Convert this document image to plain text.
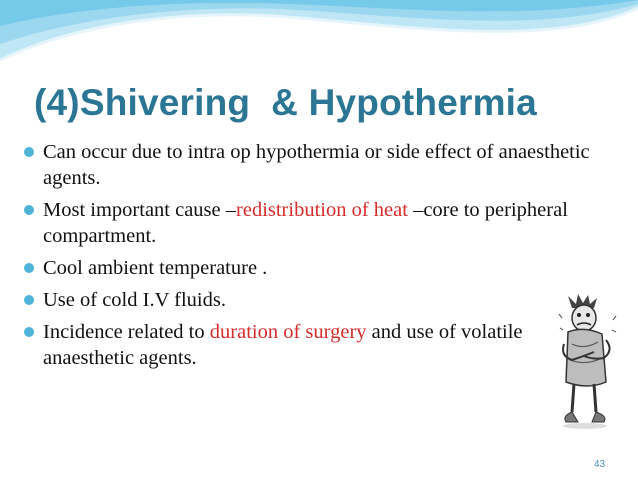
(4)Shivering  & Hypothermia
Can occur due to intra op hypothermia or side effect of anaesthetic agents.
Most important cause –redistribution of heat –core to peripheral compartment.
Cool ambient temperature .
Use of cold I.V fluids.
Incidence related to duration of surgery and use of volatile anaesthetic agents.
43
